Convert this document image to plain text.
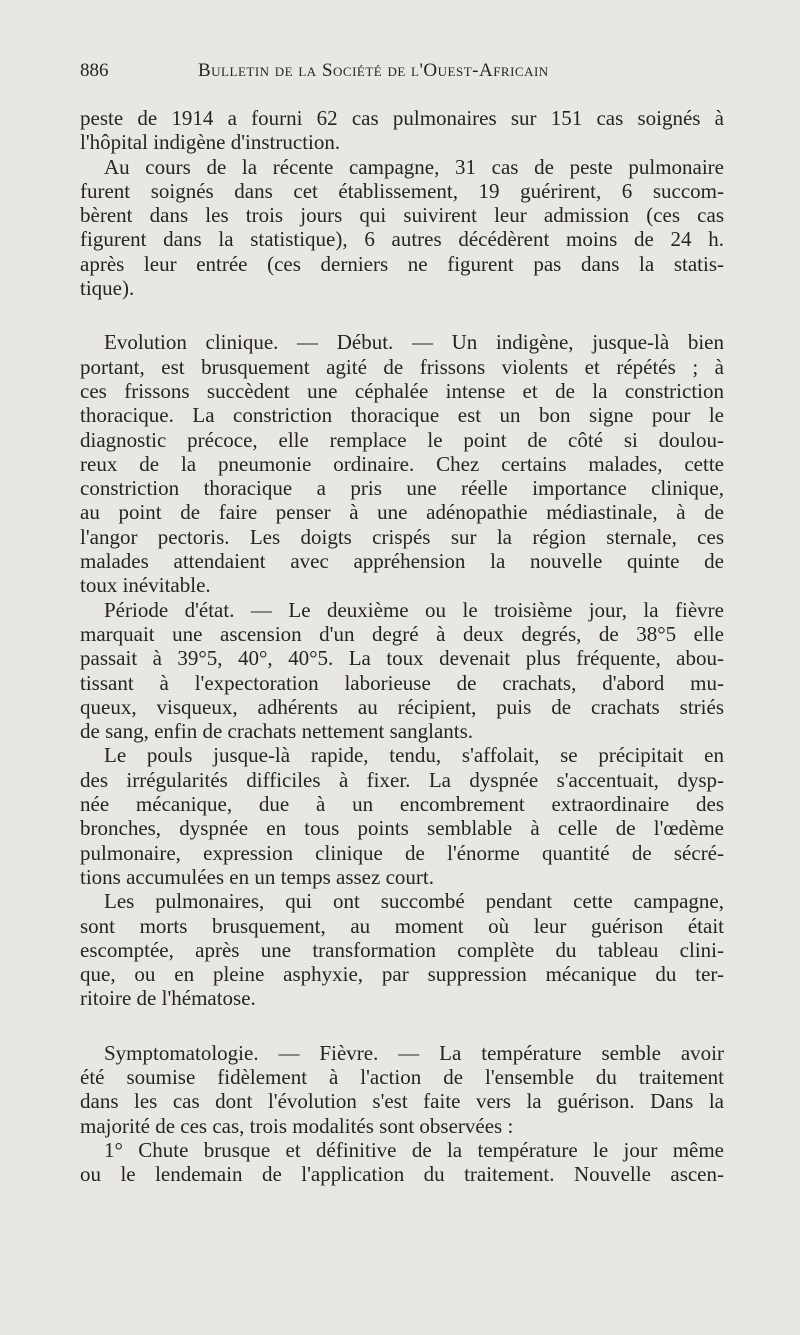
886	Bulletin de la Société de l'Ouest-Africain

peste de 1914 a fourni 62 cas pulmonaires sur 151 cas soignés à

l'hôpital indigène d'instruction.

Au cours de la récente campagne, 31 cas de peste pulmonaire

furent soignés dans cet établissement, 19 guérirent, 6 succom-

bèrent dans les trois jours qui suivirent leur admission (ces cas

figurent dans la statistique), 6 autres décédèrent moins de 24 h.

après leur entrée (ces derniers ne figurent pas dans la statis-

tique).

Evolution clinique. — Début. — Un indigène, jusque-là bien

portant, est brusquement agité de frissons violents et répétés ; à

ces frissons succèdent une céphalée intense et de la constriction

thoracique. La constriction thoracique est un bon signe pour le

diagnostic précoce, elle remplace le point de côté si doulou-

reux de la pneumonie ordinaire. Chez certains malades, cette

constriction thoracique a pris une réelle importance clinique,

au point de faire penser à une adénopathie médiastinale, à de

l'angor pectoris. Les doigts crispés sur la région sternale, ces

malades attendaient avec appréhension la nouvelle quinte de

toux inévitable.

Période d'état. — Le deuxième ou le troisième jour, la fièvre

marquait une ascension d'un degré à deux degrés, de 38°5 elle

passait à 39°5, 40°, 40°5. La toux devenait plus fréquente, abou-

tissant à l'expectoration laborieuse de crachats, d'abord mu-

queux, visqueux, adhérents au récipient, puis de crachats striés

de sang, enfin de crachats nettement sanglants.

Le pouls jusque-là rapide, tendu, s'affolait, se précipitait en

des irrégularités difficiles à fixer. La dyspnée s'accentuait, dysp-

née mécanique, due à un encombrement extraordinaire des

bronches, dyspnée en tous points semblable à celle de l'œdème

pulmonaire, expression clinique de l'énorme quantité de sécré-

tions accumulées en un temps assez court.

Les pulmonaires, qui ont succombé pendant cette campagne,

sont morts brusquement, au moment où leur guérison était

escomptée, après une transformation complète du tableau clini-

que, ou en pleine asphyxie, par suppression mécanique du ter-

ritoire de l'hématose.

Symptomatologie. — Fièvre. — La température semble avoir

été soumise fidèlement à l'action de l'ensemble du traitement

dans les cas dont l'évolution s'est faite vers la guérison. Dans la

majorité de ces cas, trois modalités sont observées :

1° Chute brusque et définitive de la température le jour même

ou le lendemain de l'application du traitement. Nouvelle ascen-
